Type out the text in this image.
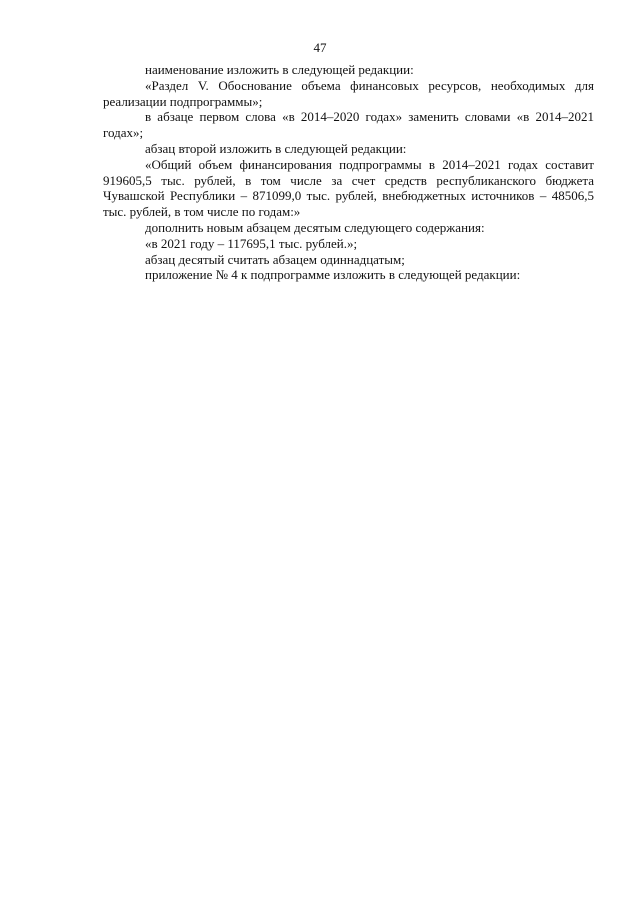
47

наименование изложить в следующей редакции:

«Раздел V. Обоснование объема финансовых ресурсов, необходимых для реализации подпрограммы»;

в абзаце первом слова «в 2014–2020 годах» заменить словами «в 2014–2021 годах»;

абзац второй изложить в следующей редакции:

«Общий объем финансирования подпрограммы в 2014–2021 годах составит 919605,5 тыс. рублей, в том числе за счет средств республиканского бюджета Чувашской Республики – 871099,0 тыс. рублей, внебюджетных источников – 48506,5 тыс. рублей, в том числе по годам:»

дополнить новым абзацем десятым следующего содержания:

«в 2021 году – 117695,1 тыс. рублей.»;

абзац десятый считать абзацем одиннадцатым;

приложение № 4 к подпрограмме изложить в следующей редакции:
